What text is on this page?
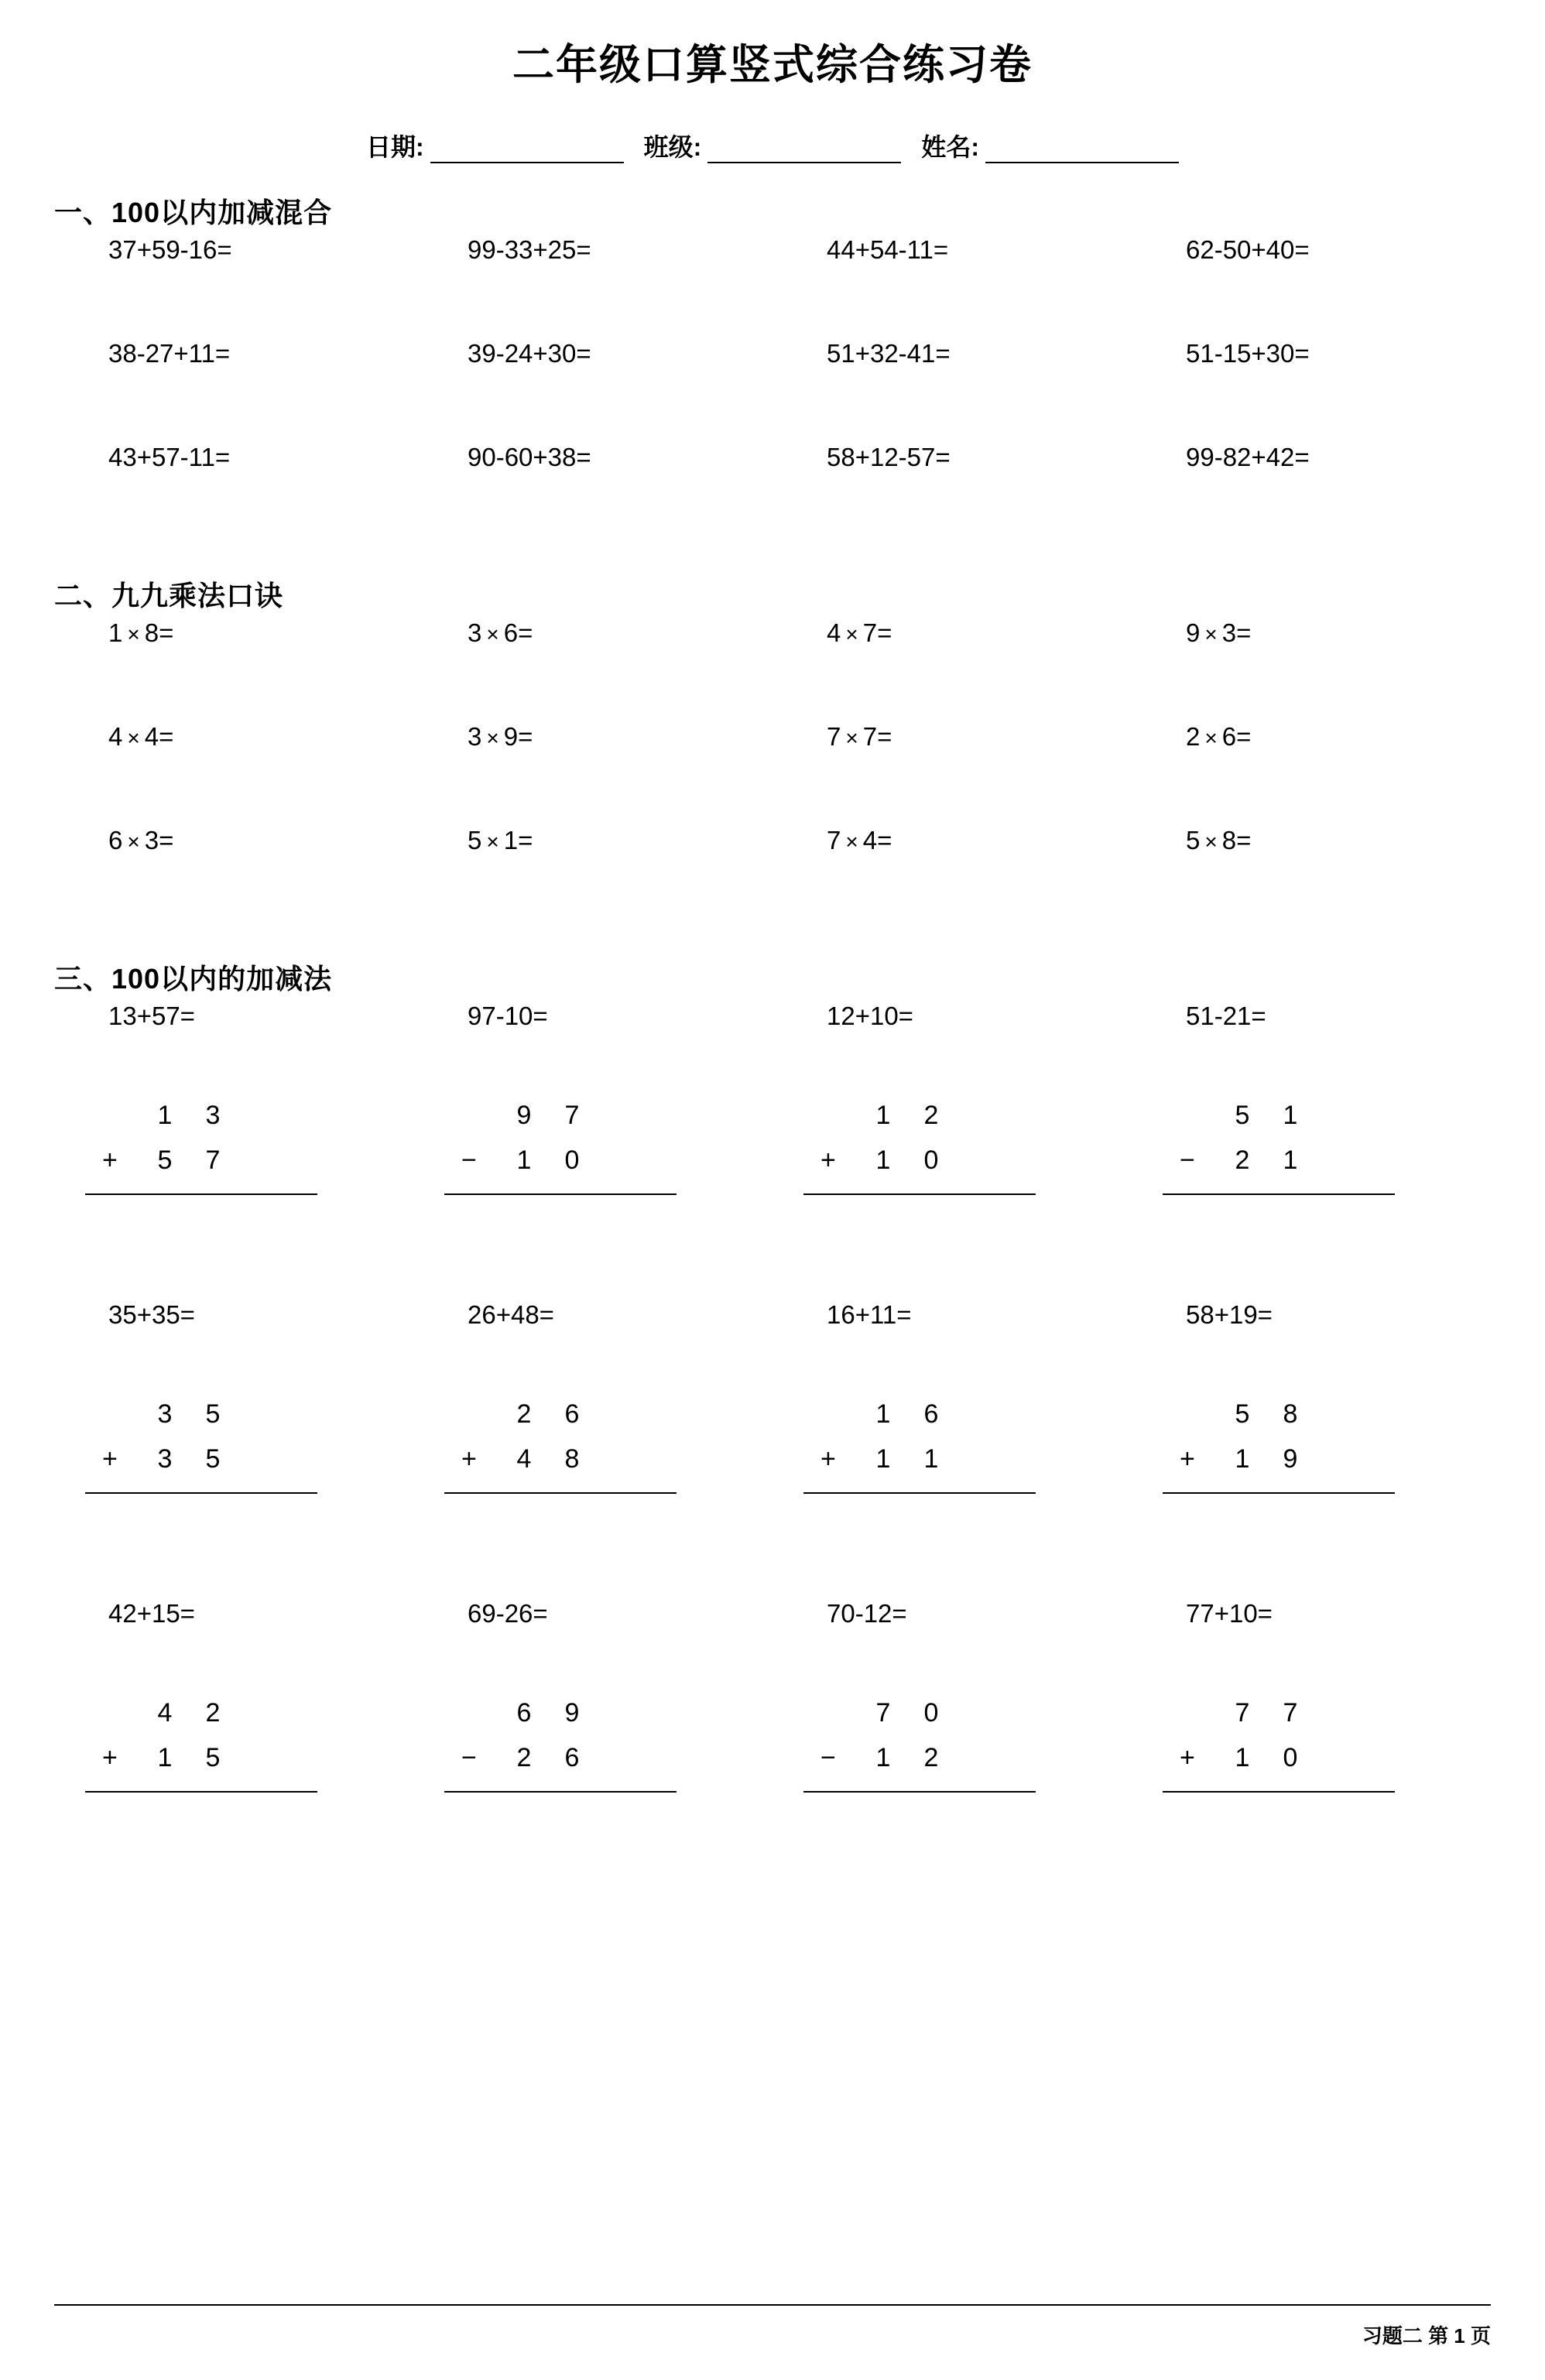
二年级口算竖式综合练习卷
日期:	班级:	姓名:
一、100以内加减混合
37+59-16=	99-33+25=	44+54-11=	62-50+40=
38-27+11=	39-24+30=	51+32-41=	51-15+30=
43+57-11=	90-60+38=	58+12-57=	99-82+42=
二、九九乘法口诀
1 × 8=	3 × 6=	4 × 7=	9 × 3=
4 × 4=	3 × 9=	7 × 7=	2 × 6=
6 × 3=	5 × 1=	7 × 4=	5 × 8=
三、100以内的加减法
13+57=	97-10=	12+10=	51-21=
1	3
+	5	7
9	7
−	1	0
1	2
+	1	0
5	1
−	2	1
35+35=	26+48=	16+11=	58+19=
3	5
+	3	5
2	6
+	4	8
1	6
+	1	1
5	8
+	1	9
42+15=	69-26=	70-12=	77+10=
4	2
+	1	5
6	9
−	2	6
7	0
−	1	2
7	7
+	1	0
习题二 第 1 页
